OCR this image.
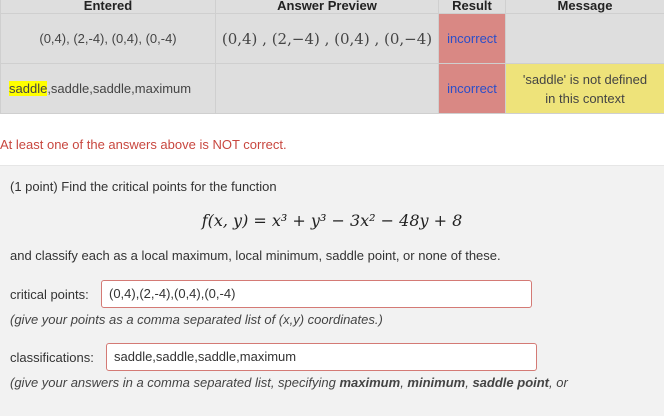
Entered	Answer Preview	Result	Message
(0,4), (2,-4), (0,4), (0,-4)	(0,4) , (2,−4) , (0,4) , (0,−4)	incorrect	
saddle,saddle,saddle,maximum		incorrect	'saddle' is not defined
in this context
At least one of the answers above is NOT correct.
(1 point) Find the critical points for the function
f(x, y) = x³ + y³ − 3x² − 48y + 8
and classify each as a local maximum, local minimum, saddle point, or none of these.
critical points:	(0,4),(2,-4),(0,4),(0,-4)
(give your points as a comma separated list of (x,y) coordinates.)
classifications:	saddle,saddle,saddle,maximum
(give your answers in a comma separated list, specifying maximum, minimum, saddle point, or
